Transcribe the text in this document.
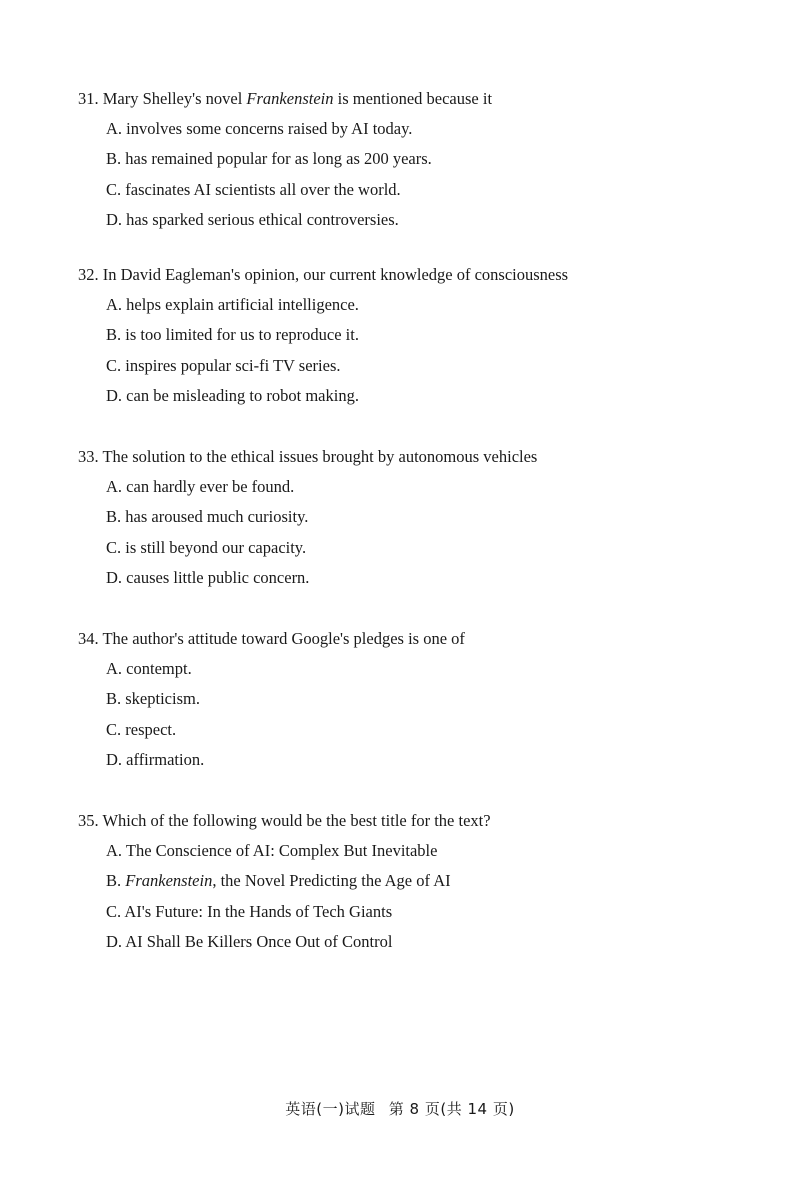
31. Mary Shelley's novel Frankenstein is mentioned because it
A. involves some concerns raised by AI today.
B. has remained popular for as long as 200 years.
C. fascinates AI scientists all over the world.
D. has sparked serious ethical controversies.
32. In David Eagleman's opinion, our current knowledge of consciousness
A. helps explain artificial intelligence.
B. is too limited for us to reproduce it.
C. inspires popular sci-fi TV series.
D. can be misleading to robot making.
33. The solution to the ethical issues brought by autonomous vehicles
A. can hardly ever be found.
B. has aroused much curiosity.
C. is still beyond our capacity.
D. causes little public concern.
34. The author's attitude toward Google's pledges is one of
A. contempt.
B. skepticism.
C. respect.
D. affirmation.
35. Which of the following would be the best title for the text?
A. The Conscience of AI: Complex But Inevitable
B. Frankenstein, the Novel Predicting the Age of AI
C. AI's Future: In the Hands of Tech Giants
D. AI Shall Be Killers Once Out of Control
英语(一)试题 第 8 页(共 14 页)
